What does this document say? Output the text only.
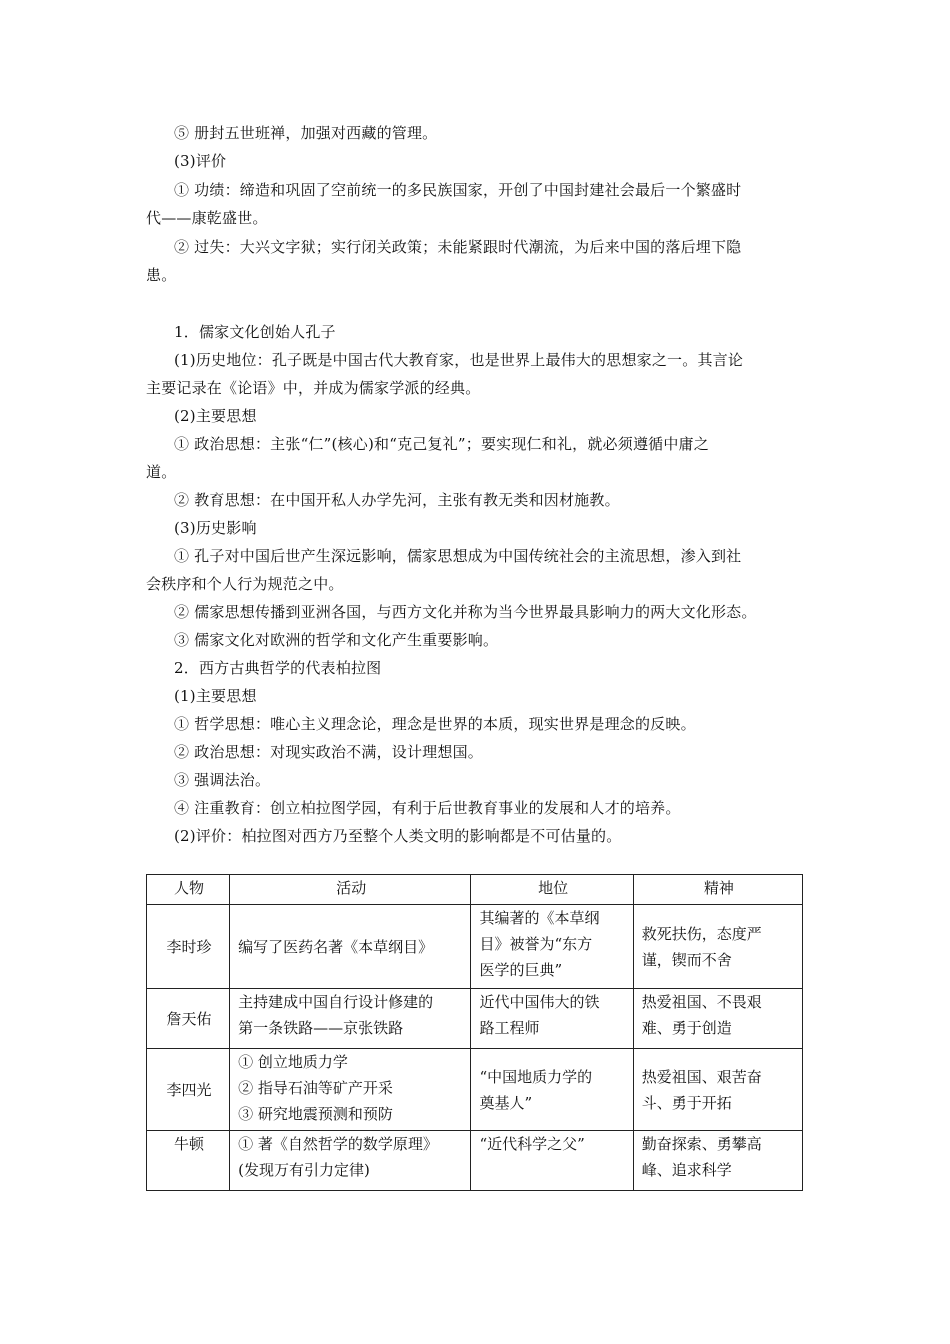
⑤ 册封五世班禅，加强对西藏的管理。
(3)评价
① 功绩：缔造和巩固了空前统一的多民族国家，开创了中国封建社会最后一个繁盛时
代——康乾盛世。
② 过失：大兴文字狱；实行闭关政策；未能紧跟时代潮流，为后来中国的落后埋下隐
患。
1．儒家文化创始人孔子
(1)历史地位：孔子既是中国古代大教育家，也是世界上最伟大的思想家之一。其言论
主要记录在《论语》中，并成为儒家学派的经典。
(2)主要思想
① 政治思想：主张“仁”(核心)和“克己复礼”；要实现仁和礼，就必须遵循中庸之
道。
② 教育思想：在中国开私人办学先河，主张有教无类和因材施教。
(3)历史影响
① 孔子对中国后世产生深远影响，儒家思想成为中国传统社会的主流思想，渗入到社
会秩序和个人行为规范之中。
② 儒家思想传播到亚洲各国，与西方文化并称为当今世界最具影响力的两大文化形态。
③ 儒家文化对欧洲的哲学和文化产生重要影响。
2．西方古典哲学的代表柏拉图
(1)主要思想
① 哲学思想：唯心主义理念论，理念是世界的本质，现实世界是理念的反映。
② 政治思想：对现实政治不满，设计理想国。
③ 强调法治。
④ 注重教育：创立柏拉图学园，有利于后世教育事业的发展和人才的培养。
(2)评价：柏拉图对西方乃至整个人类文明的影响都是不可估量的。
人物	活动	地位	精神
李时珍	编写了医药名著《本草纲目》	其编著的《本草纲
目》被誉为“东方
医学的巨典”	救死扶伤，态度严
谨，锲而不舍

詹天佑	主持建成中国自行设计修建的
第一条铁路——京张铁路	近代中国伟大的铁
路工程师	热爱祖国、不畏艰
难、勇于创造

李四光	① 创立地质力学
② 指导石油等矿产开采
③ 研究地震预测和预防	“中国地质力学的
奠基人”	热爱祖国、艰苦奋
斗、勇于开拓

牛顿	① 著《自然哲学的数学原理》
(发现万有引力定律)	“近代科学之父”	勤奋探索、勇攀高
峰、追求科学
